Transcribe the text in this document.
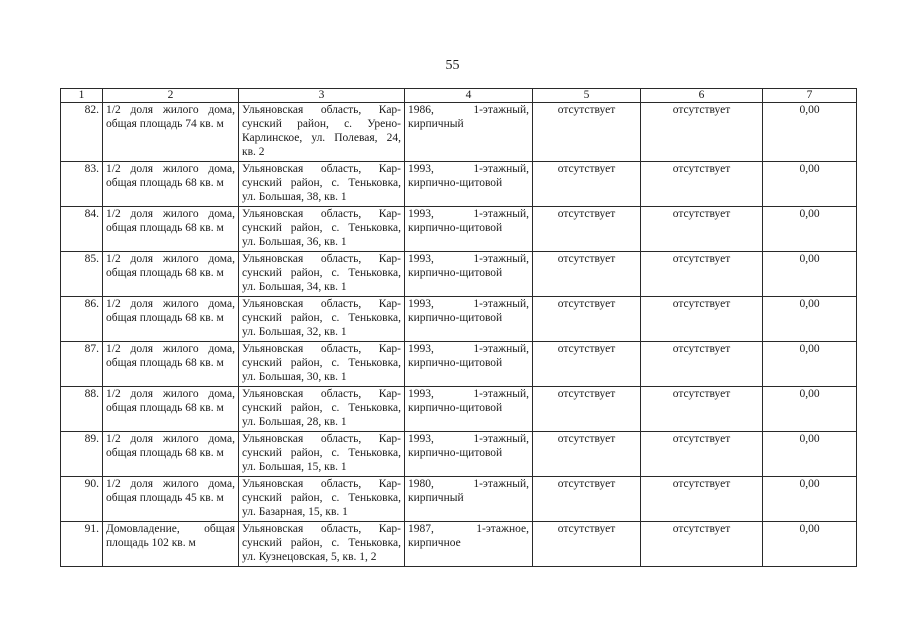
55
1	2	3	4	5	6	7
82.	1/2 доля жилого дома,
общая площадь 74 кв. м	Ульяновская область, Кар-
сунский район, с. Урено-
Карлинское, ул. Полевая, 24,
кв. 2	1986, 1-этажный,
кирпичный	отсутствует	отсутствует	0,00
83.	1/2 доля жилого дома,
общая площадь 68 кв. м	Ульяновская область, Кар-
сунский район, с. Теньковка,
ул. Большая, 38, кв. 1	1993, 1-этажный,
кирпично-щитовой	отсутствует	отсутствует	0,00
84.	1/2 доля жилого дома,
общая площадь 68 кв. м	Ульяновская область, Кар-
сунский район, с. Теньковка,
ул. Большая, 36, кв. 1	1993, 1-этажный,
кирпично-щитовой	отсутствует	отсутствует	0,00
85.	1/2 доля жилого дома,
общая площадь 68 кв. м	Ульяновская область, Кар-
сунский район, с. Теньковка,
ул. Большая, 34, кв. 1	1993, 1-этажный,
кирпично-щитовой	отсутствует	отсутствует	0,00
86.	1/2 доля жилого дома,
общая площадь 68 кв. м	Ульяновская область, Кар-
сунский район, с. Теньковка,
ул. Большая, 32, кв. 1	1993, 1-этажный,
кирпично-щитовой	отсутствует	отсутствует	0,00
87.	1/2 доля жилого дома,
общая площадь 68 кв. м	Ульяновская область, Кар-
сунский район, с. Теньковка,
ул. Большая, 30, кв. 1	1993, 1-этажный,
кирпично-щитовой	отсутствует	отсутствует	0,00
88.	1/2 доля жилого дома,
общая площадь 68 кв. м	Ульяновская область, Кар-
сунский район, с. Теньковка,
ул. Большая, 28, кв. 1	1993, 1-этажный,
кирпично-щитовой	отсутствует	отсутствует	0,00
89.	1/2 доля жилого дома,
общая площадь 68 кв. м	Ульяновская область, Кар-
сунский район, с. Теньковка,
ул. Большая, 15, кв. 1	1993, 1-этажный,
кирпично-щитовой	отсутствует	отсутствует	0,00
90.	1/2 доля жилого дома,
общая площадь 45 кв. м	Ульяновская область, Кар-
сунский район, с. Теньковка,
ул. Базарная, 15, кв. 1	1980, 1-этажный,
кирпичный	отсутствует	отсутствует	0,00
91.	Домовладение, общая
площадь 102 кв. м	Ульяновская область, Кар-
сунский район, с. Теньковка,
ул. Кузнецовская, 5, кв. 1, 2	1987, 1-этажное,
кирпичное	отсутствует	отсутствует	0,00
